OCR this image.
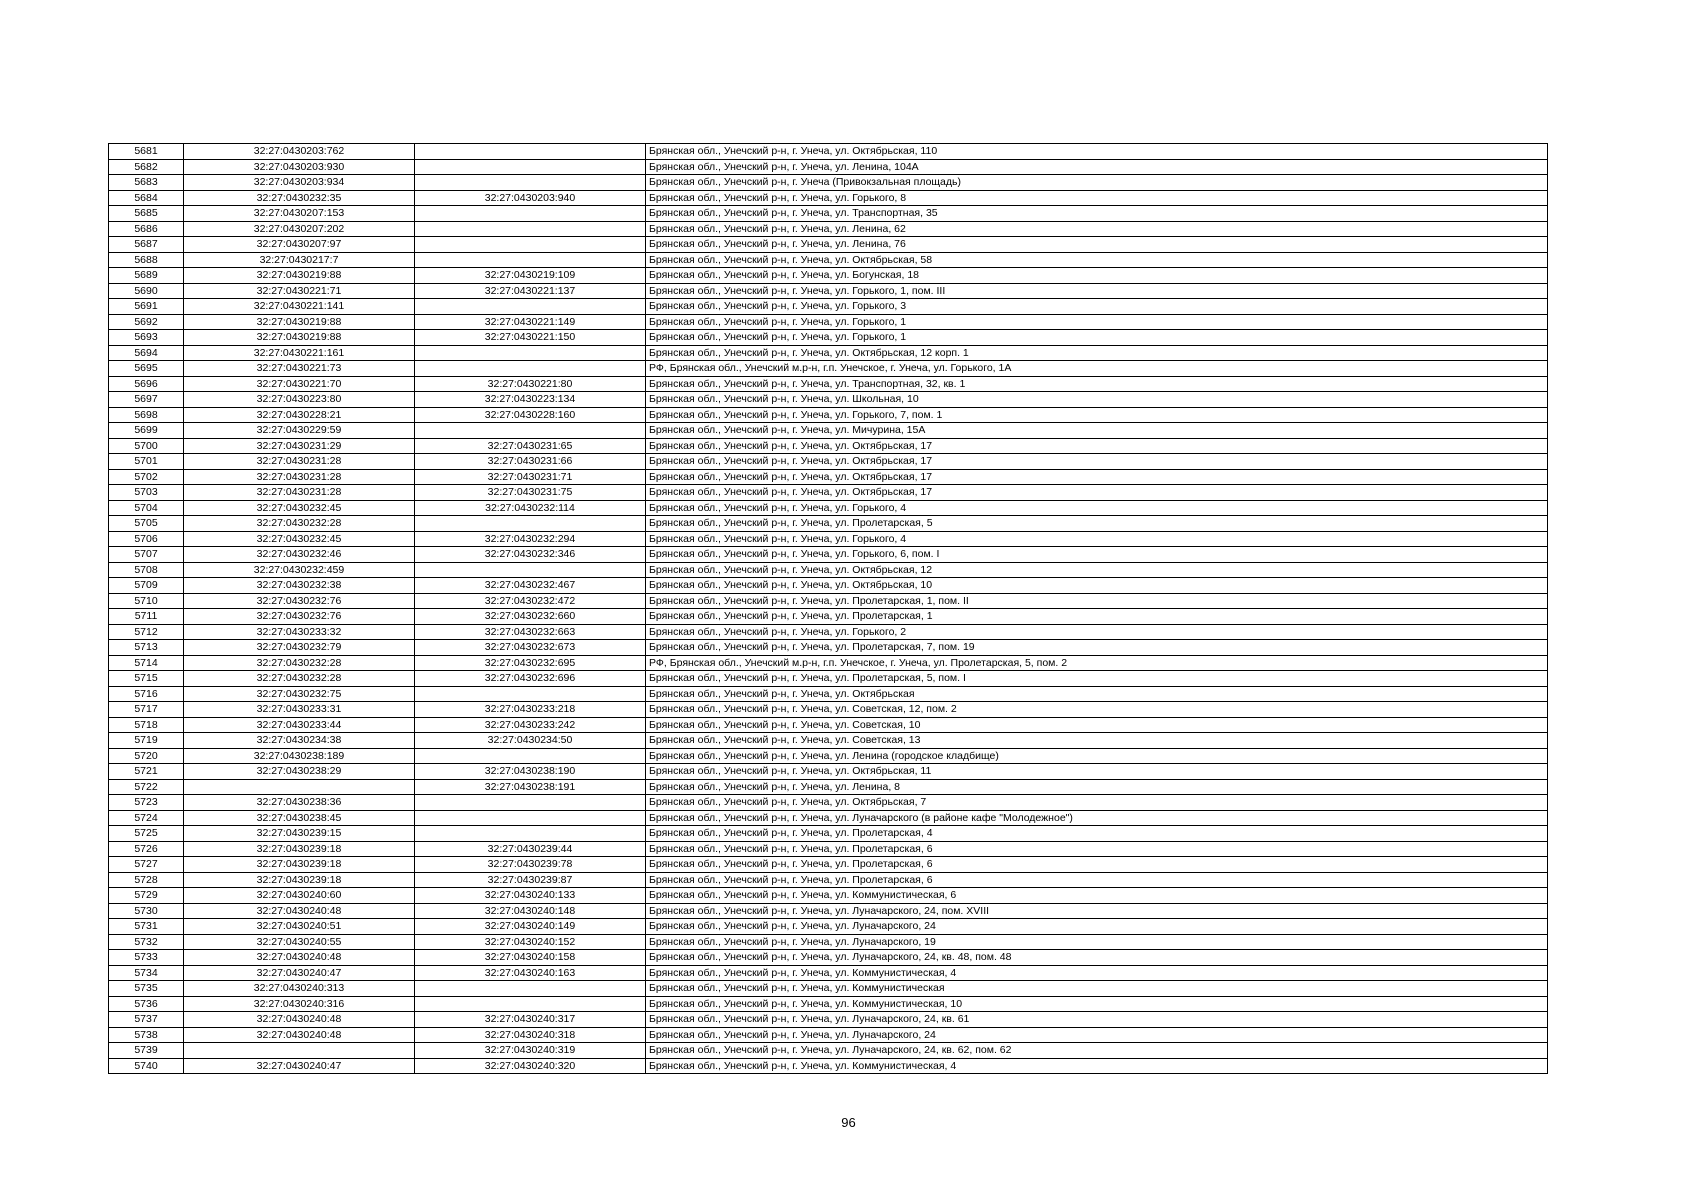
5681	32:27:0430203:762		Брянская обл., Унечский р-н, г. Унеча, ул. Октябрьская, 110
5682	32:27:0430203:930		Брянская обл., Унечский р-н, г. Унеча, ул. Ленина, 104А
5683	32:27:0430203:934		Брянская обл., Унечский р-н, г. Унеча (Привокзальная площадь)
5684	32:27:0430232:35	32:27:0430203:940	Брянская обл., Унечский р-н, г. Унеча, ул. Горького, 8
5685	32:27:0430207:153		Брянская обл., Унечский р-н, г. Унеча, ул. Транспортная, 35
5686	32:27:0430207:202		Брянская обл., Унечский р-н, г. Унеча, ул. Ленина, 62
5687	32:27:0430207:97		Брянская обл., Унечский р-н, г. Унеча, ул. Ленина, 76
5688	32:27:0430217:7		Брянская обл., Унечский р-н, г. Унеча, ул. Октябрьская, 58
5689	32:27:0430219:88	32:27:0430219:109	Брянская обл., Унечский р-н, г. Унеча, ул. Богунская, 18
5690	32:27:0430221:71	32:27:0430221:137	Брянская обл., Унечский р-н, г. Унеча, ул. Горького, 1, пом. III
5691	32:27:0430221:141		Брянская обл., Унечский р-н, г. Унеча, ул. Горького, 3
5692	32:27:0430219:88	32:27:0430221:149	Брянская обл., Унечский р-н, г. Унеча, ул. Горького, 1
5693	32:27:0430219:88	32:27:0430221:150	Брянская обл., Унечский р-н, г. Унеча, ул. Горького, 1
5694	32:27:0430221:161		Брянская обл., Унечский р-н, г. Унеча, ул. Октябрьская, 12 корп. 1
5695	32:27:0430221:73		РФ, Брянская обл., Унечский м.р-н, г.п. Унечское, г. Унеча, ул. Горького, 1А
5696	32:27:0430221:70	32:27:0430221:80	Брянская обл., Унечский р-н, г. Унеча, ул. Транспортная, 32, кв. 1
5697	32:27:0430223:80	32:27:0430223:134	Брянская обл., Унечский р-н, г. Унеча, ул. Школьная, 10
5698	32:27:0430228:21	32:27:0430228:160	Брянская обл., Унечский р-н, г. Унеча, ул. Горького, 7, пом. 1
5699	32:27:0430229:59		Брянская обл., Унечский р-н, г. Унеча, ул. Мичурина, 15А
5700	32:27:0430231:29	32:27:0430231:65	Брянская обл., Унечский р-н, г. Унеча, ул. Октябрьская, 17
5701	32:27:0430231:28	32:27:0430231:66	Брянская обл., Унечский р-н, г. Унеча, ул. Октябрьская, 17
5702	32:27:0430231:28	32:27:0430231:71	Брянская обл., Унечский р-н, г. Унеча, ул. Октябрьская, 17
5703	32:27:0430231:28	32:27:0430231:75	Брянская обл., Унечский р-н, г. Унеча, ул. Октябрьская, 17
5704	32:27:0430232:45	32:27:0430232:114	Брянская обл., Унечский р-н, г. Унеча, ул. Горького, 4
5705	32:27:0430232:28		Брянская обл., Унечский р-н, г. Унеча, ул. Пролетарская, 5
5706	32:27:0430232:45	32:27:0430232:294	Брянская обл., Унечский р-н, г. Унеча, ул. Горького, 4
5707	32:27:0430232:46	32:27:0430232:346	Брянская обл., Унечский р-н, г. Унеча, ул. Горького, 6, пом. I
5708	32:27:0430232:459		Брянская обл., Унечский р-н, г. Унеча, ул. Октябрьская, 12
5709	32:27:0430232:38	32:27:0430232:467	Брянская обл., Унечский р-н, г. Унеча, ул. Октябрьская, 10
5710	32:27:0430232:76	32:27:0430232:472	Брянская обл., Унечский р-н, г. Унеча, ул. Пролетарская, 1, пом. II
5711	32:27:0430232:76	32:27:0430232:660	Брянская обл., Унечский р-н, г. Унеча, ул. Пролетарская, 1
5712	32:27:0430233:32	32:27:0430232:663	Брянская обл., Унечский р-н, г. Унеча, ул. Горького, 2
5713	32:27:0430232:79	32:27:0430232:673	Брянская обл., Унечский р-н, г. Унеча, ул. Пролетарская, 7, пом. 19
5714	32:27:0430232:28	32:27:0430232:695	РФ, Брянская обл., Унечский м.р-н, г.п. Унечское, г. Унеча, ул. Пролетарская, 5, пом. 2
5715	32:27:0430232:28	32:27:0430232:696	Брянская обл., Унечский р-н, г. Унеча, ул. Пролетарская, 5, пом. I
5716	32:27:0430232:75		Брянская обл., Унечский р-н, г. Унеча, ул. Октябрьская
5717	32:27:0430233:31	32:27:0430233:218	Брянская обл., Унечский р-н, г. Унеча, ул. Советская, 12, пом. 2
5718	32:27:0430233:44	32:27:0430233:242	Брянская обл., Унечский р-н, г. Унеча, ул. Советская, 10
5719	32:27:0430234:38	32:27:0430234:50	Брянская обл., Унечский р-н, г. Унеча, ул. Советская, 13
5720	32:27:0430238:189		Брянская обл., Унечский р-н, г. Унеча, ул. Ленина (городское кладбище)
5721	32:27:0430238:29	32:27:0430238:190	Брянская обл., Унечский р-н, г. Унеча, ул. Октябрьская, 11
5722		32:27:0430238:191	Брянская обл., Унечский р-н, г. Унеча, ул. Ленина, 8
5723	32:27:0430238:36		Брянская обл., Унечский р-н, г. Унеча, ул. Октябрьская, 7
5724	32:27:0430238:45		Брянская обл., Унечский р-н, г. Унеча, ул. Луначарского (в районе кафе "Молодежное")
5725	32:27:0430239:15		Брянская обл., Унечский р-н, г. Унеча, ул. Пролетарская, 4
5726	32:27:0430239:18	32:27:0430239:44	Брянская обл., Унечский р-н, г. Унеча, ул. Пролетарская, 6
5727	32:27:0430239:18	32:27:0430239:78	Брянская обл., Унечский р-н, г. Унеча, ул. Пролетарская, 6
5728	32:27:0430239:18	32:27:0430239:87	Брянская обл., Унечский р-н, г. Унеча, ул. Пролетарская, 6
5729	32:27:0430240:60	32:27:0430240:133	Брянская обл., Унечский р-н, г. Унеча, ул. Коммунистическая, 6
5730	32:27:0430240:48	32:27:0430240:148	Брянская обл., Унечский р-н, г. Унеча, ул. Луначарского, 24, пом. XVIII
5731	32:27:0430240:51	32:27:0430240:149	Брянская обл., Унечский р-н, г. Унеча, ул. Луначарского, 24
5732	32:27:0430240:55	32:27:0430240:152	Брянская обл., Унечский р-н, г. Унеча, ул. Луначарского, 19
5733	32:27:0430240:48	32:27:0430240:158	Брянская обл., Унечский р-н, г. Унеча, ул. Луначарского, 24, кв. 48, пом. 48
5734	32:27:0430240:47	32:27:0430240:163	Брянская обл., Унечский р-н, г. Унеча, ул. Коммунистическая, 4
5735	32:27:0430240:313		Брянская обл., Унечский р-н, г. Унеча, ул. Коммунистическая
5736	32:27:0430240:316		Брянская обл., Унечский р-н, г. Унеча, ул. Коммунистическая, 10
5737	32:27:0430240:48	32:27:0430240:317	Брянская обл., Унечский р-н, г. Унеча, ул. Луначарского, 24, кв. 61
5738	32:27:0430240:48	32:27:0430240:318	Брянская обл., Унечский р-н, г. Унеча, ул. Луначарского, 24
5739		32:27:0430240:319	Брянская обл., Унечский р-н, г. Унеча, ул. Луначарского, 24, кв. 62, пом. 62
5740	32:27:0430240:47	32:27:0430240:320	Брянская обл., Унечский р-н, г. Унеча, ул. Коммунистическая, 4
96
